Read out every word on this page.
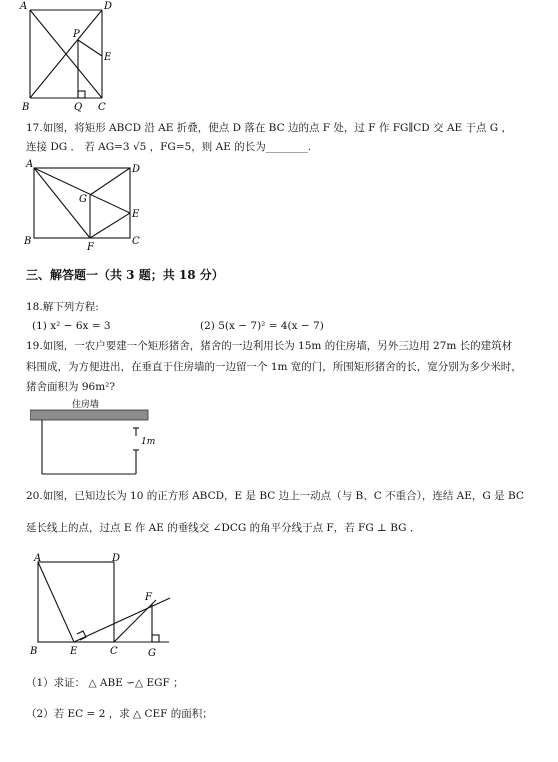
A	D
P
E
B	Q C
17.如图，将矩形 ABCD 沿 AE 折叠，使点 D 落在 BC 边的点 F 处，过 F 作 FG∥CD 交 AE 于点 G ，
连接 DG ． 若 AG=3 √5 ，FG=5，则 AE 的长为________.
A	D
G
E
B
F
C
三、解答题一（共 3 题；共 18 分）
18.解下列方程:
(1) x² − 6x = 3	(2) 5(x − 7)² = 4(x − 7)
19.如图，一农户要建一个矩形猪舍，猪舍的一边利用长为 15m 的住房墙，另外三边用 27m 长的建筑材
料围成，为方便进出，在垂直于住房墙的一边留一个 1m 宽的门，所围矩形猪舍的长，宽分别为多少米时，
猪舍面积为 96m²?
住房墙
1m
20.如图，已知边长为 10 的正方形 ABCD，E 是 BC 边上一动点（与 B、C 不重合），连结 AE，G 是 BC
延长线上的点，过点 E 作 AE 的垂线交 ∠DCG 的角平分线于点 F，若 FG ⊥ BG ．
A	D
F
B	E	C	G
（1）求证： △ ABE ∽△ EGF ；
（2）若 EC = 2 ，求 △ CEF 的面积；
